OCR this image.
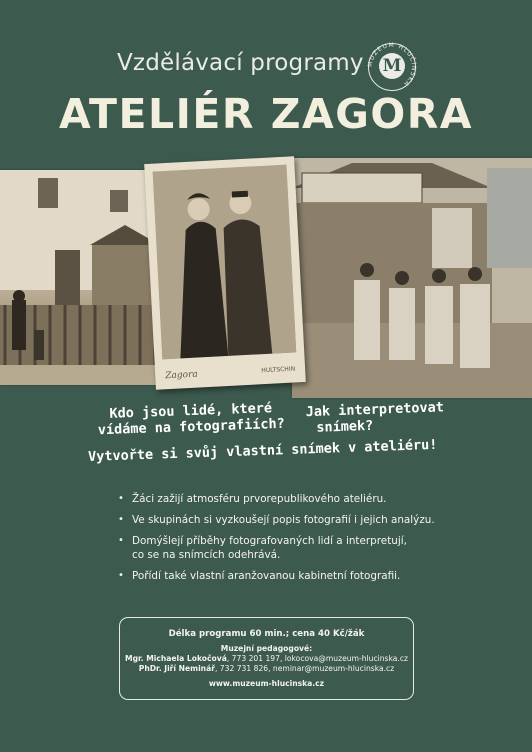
Vzdělávací programy MUZEUM HLUČÍNSKA
M
ATELIÉR ZAGORA
Zagora	HULTSCHIN
Kdo jsou lidé, které
vídáme na fotografiích?
Jak interpretovat
snímek?
Vytvořte si svůj vlastní snímek v ateliéru!
• Žáci zažijí atmosféru prvorepublikového ateliéru.
• Ve skupinách si vyzkoušejí popis fotografií i jejich analýzu.
• Domýšlejí příběhy fotografovaných lidí a interpretují, co se na snímcích odehrává.
• Pořídí také vlastní aranžovanou kabinetní fotografii.
Délka programu 60 min.; cena 40 Kč/žák
Muzejní pedagogové:
Mgr. Michaela Lokočová, 773 201 197, lokocova@muzeum-hlucinska.cz
PhDr. Jiří Neminář, 732 731 826, neminar@muzeum-hlucinska.cz
www.muzeum-hlucinska.cz
